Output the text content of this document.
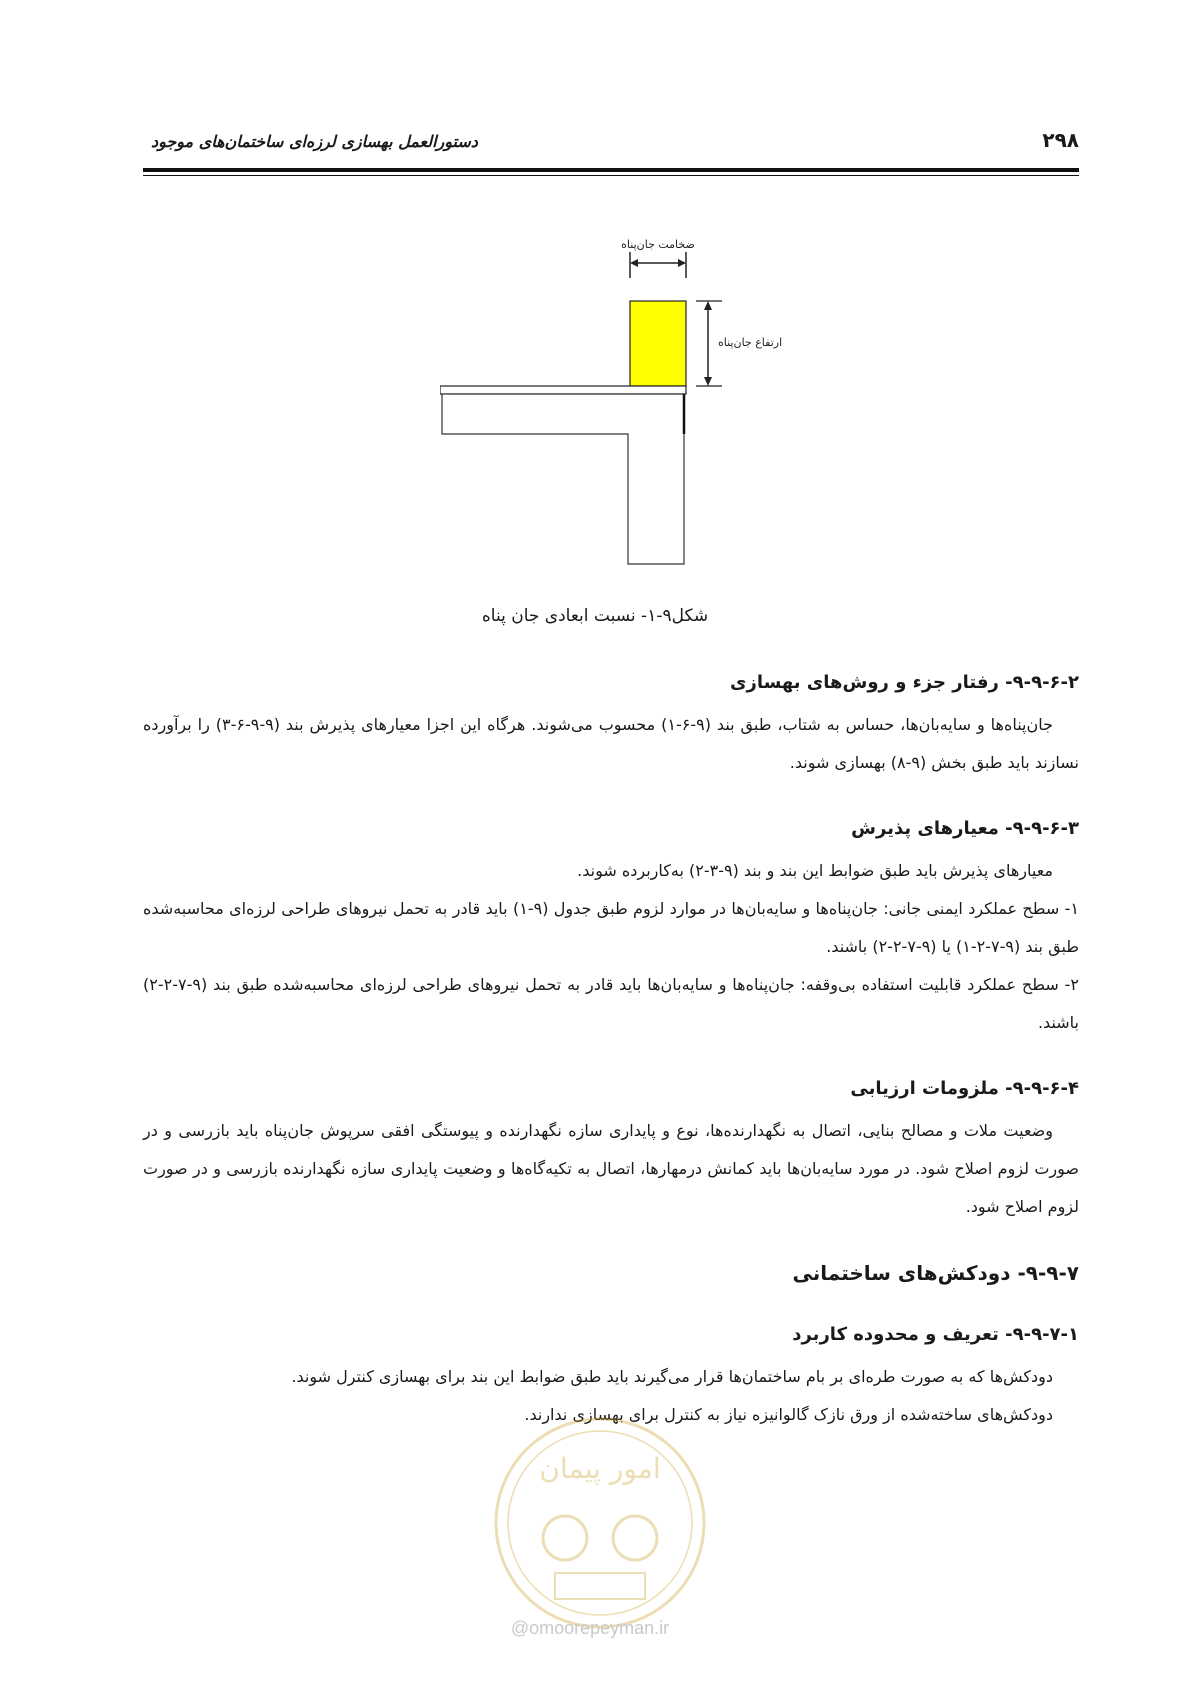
۲۹۸
دستورالعمل بهسازی لرزه‌ای ساختمان‌های موجود
ضخامت جان‌پناه
ارتفاع جان‌پناه
شکل۹-۱- نسبت ابعادی جان پناه
۹-۹-۶-۲- رفتار جزء و روش‌های بهسازی

جان‌پناه‌ها و سایه‌بان‌ها، حساس به شتاب، طبق بند (۹-۶-۱) محسوب می‌شوند. هرگاه این اجزا معیارهای پذیرش بند (۹-۹-۶-۳) را برآورده نسازند باید طبق بخش (۹-۸) بهسازی شوند.

۹-۹-۶-۳- معیارهای پذیرش

معیارهای پذیرش باید طبق ضوابط این بند و بند (۹-۳-۲) به‌کاربرده شوند.

۱- سطح عملکرد ایمنی جانی: جان‌پناه‌ها و سایه‌بان‌ها در موارد لزوم طبق جدول (۹-۱) باید قادر به تحمل نیروهای طراحی لرزه‌ای محاسبه‌شده طبق بند (۹-۷-۲-۱) یا (۹-۷-۲-۲) باشند.

۲- سطح عملکرد قابلیت استفاده بی‌وقفه: جان‌پناه‌ها و سایه‌بان‌ها باید قادر به تحمل نیروهای طراحی لرزه‌ای محاسبه‌شده طبق بند (۹-۷-۲-۲) باشند.

۹-۹-۶-۴- ملزومات ارزیابی

وضعیت ملات و مصالح بنایی، اتصال به نگهدارنده‌ها، نوع و پایداری سازه نگهدارنده و پیوستگی افقی سرپوش جان‌پناه باید بازرسی و در صورت لزوم اصلاح شود. در مورد سایه‌بان‌ها باید کمانش درمهارها، اتصال به تکیه‌گاه‌ها و وضعیت پایداری سازه نگهدارنده بازرسی و در صورت لزوم اصلاح شود.

۹-۹-۷- دودکش‌های ساختمانی
۹-۹-۷-۱- تعریف و محدوده کاربرد

دودکش‌ها که به صورت طره‌ای بر بام ساختمان‌ها قرار می‌گیرند باید طبق ضوابط این بند برای بهسازی کنترل شوند.

دودکش‌های ساخته‌شده از ورق نازک گالوانیزه نیاز به کنترل برای بهسازی ندارند.

امور پیمان
@omoorepeyman.ir
